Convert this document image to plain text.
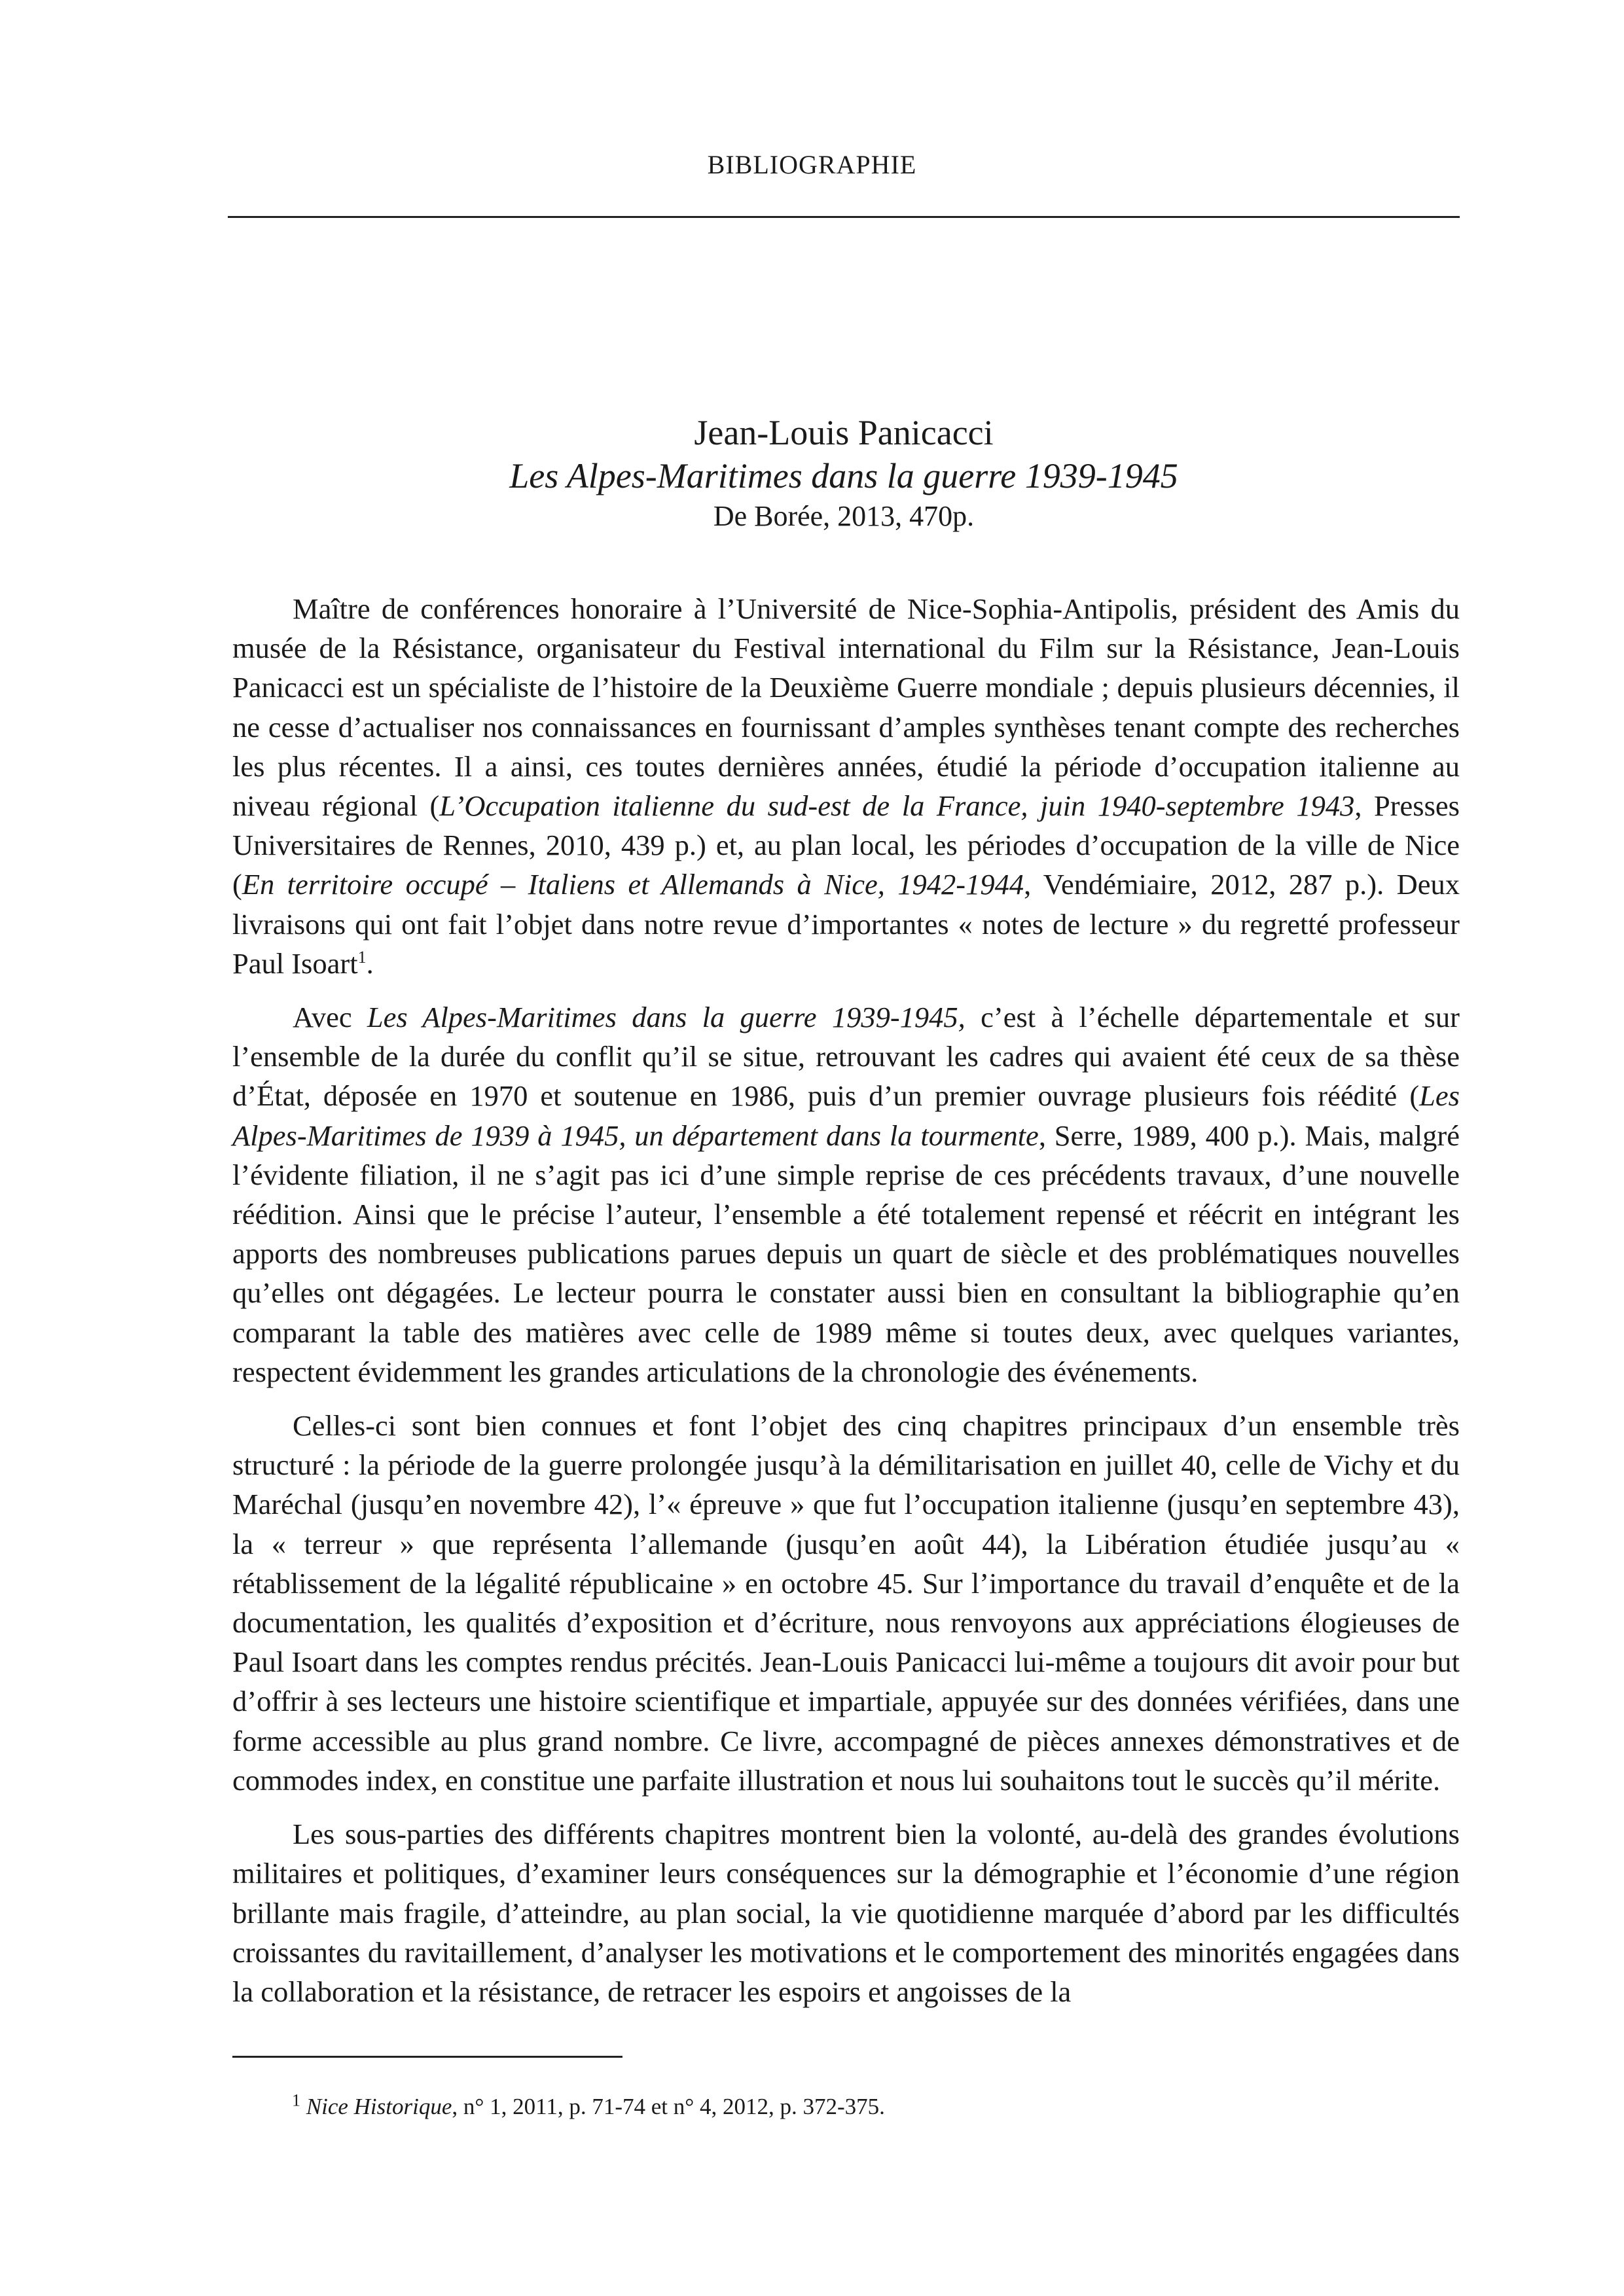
BIBLIOGRAPHIE
Jean-Louis Panicacci
Les Alpes-Maritimes dans la guerre 1939-1945
De Borée, 2013, 470p.

Maître de conférences honoraire à l’Université de Nice-Sophia-Antipolis, président des Amis du musée de la Résistance, organisateur du Festival international du Film sur la Résistance, Jean-Louis Panicacci est un spécialiste de l’histoire de la Deuxième Guerre mondiale ; depuis plusieurs décennies, il ne cesse d’actualiser nos connaissances en fournissant d’amples synthèses tenant compte des recherches les plus récentes. Il a ainsi, ces toutes dernières années, étudié la période d’occupation italienne au niveau régional (L’Occupation italienne du sud-est de la France, juin 1940-septembre 1943, Presses Universitaires de Rennes, 2010, 439 p.) et, au plan local, les périodes d’occupation de la ville de Nice (En territoire occupé – Italiens et Allemands à Nice, 1942-1944, Vendémiaire, 2012, 287 p.). Deux livraisons qui ont fait l’objet dans notre revue d’importantes « notes de lecture » du regretté professeur Paul Isoart$^1$.

Avec Les Alpes-Maritimes dans la guerre 1939-1945, c’est à l’échelle départementale et sur l’ensemble de la durée du conflit qu’il se situe, retrouvant les cadres qui avaient été ceux de sa thèse d’État, déposée en 1970 et soutenue en 1986, puis d’un premier ouvrage plusieurs fois réédité (Les Alpes-Maritimes de 1939 à 1945, un département dans la tourmente, Serre, 1989, 400 p.). Mais, malgré l’évidente filiation, il ne s’agit pas ici d’une simple reprise de ces précédents travaux, d’une nouvelle réédition. Ainsi que le précise l’auteur, l’ensemble a été totalement repensé et réécrit en intégrant les apports des nombreuses publications parues depuis un quart de siècle et des problématiques nouvelles qu’elles ont dégagées. Le lecteur pourra le constater aussi bien en consultant la bibliographie qu’en comparant la table des matières avec celle de 1989 même si toutes deux, avec quelques variantes, respectent évidemment les grandes articulations de la chronologie des événements.

Celles-ci sont bien connues et font l’objet des cinq chapitres principaux d’un ensemble très structuré : la période de la guerre prolongée jusqu’à la démilitarisation en juillet 40, celle de Vichy et du Maréchal (jusqu’en novembre 42), l’« épreuve » que fut l’occupation italienne (jusqu’en septembre 43), la « terreur » que représenta l’allemande (jusqu’en août 44), la Libération étudiée jusqu’au « rétablissement de la légalité républicaine » en octobre 45. Sur l’importance du travail d’enquête et de la documentation, les qualités d’exposition et d’écriture, nous renvoyons aux appréciations élogieuses de Paul Isoart dans les comptes rendus précités. Jean-Louis Panicacci lui-même a toujours dit avoir pour but d’offrir à ses lecteurs une histoire scientifique et impartiale, appuyée sur des données vérifiées, dans une forme accessible au plus grand nombre. Ce livre, accompagné de pièces annexes démonstratives et de commodes index, en constitue une parfaite illustration et nous lui souhaitons tout le succès qu’il mérite.

Les sous-parties des différents chapitres montrent bien la volonté, au-delà des grandes évolutions militaires et politiques, d’examiner leurs conséquences sur la démographie et l’économie d’une région brillante mais fragile, d’atteindre, au plan social, la vie quotidienne marquée d’abord par les difficultés croissantes du ravitaillement, d’analyser les motivations et le comportement des minorités engagées dans la collaboration et la résistance, de retracer les espoirs et angoisses de la

$^1$ Nice Historique, n° 1, 2011, p. 71-74 et n° 4, 2012, p. 372-375.
